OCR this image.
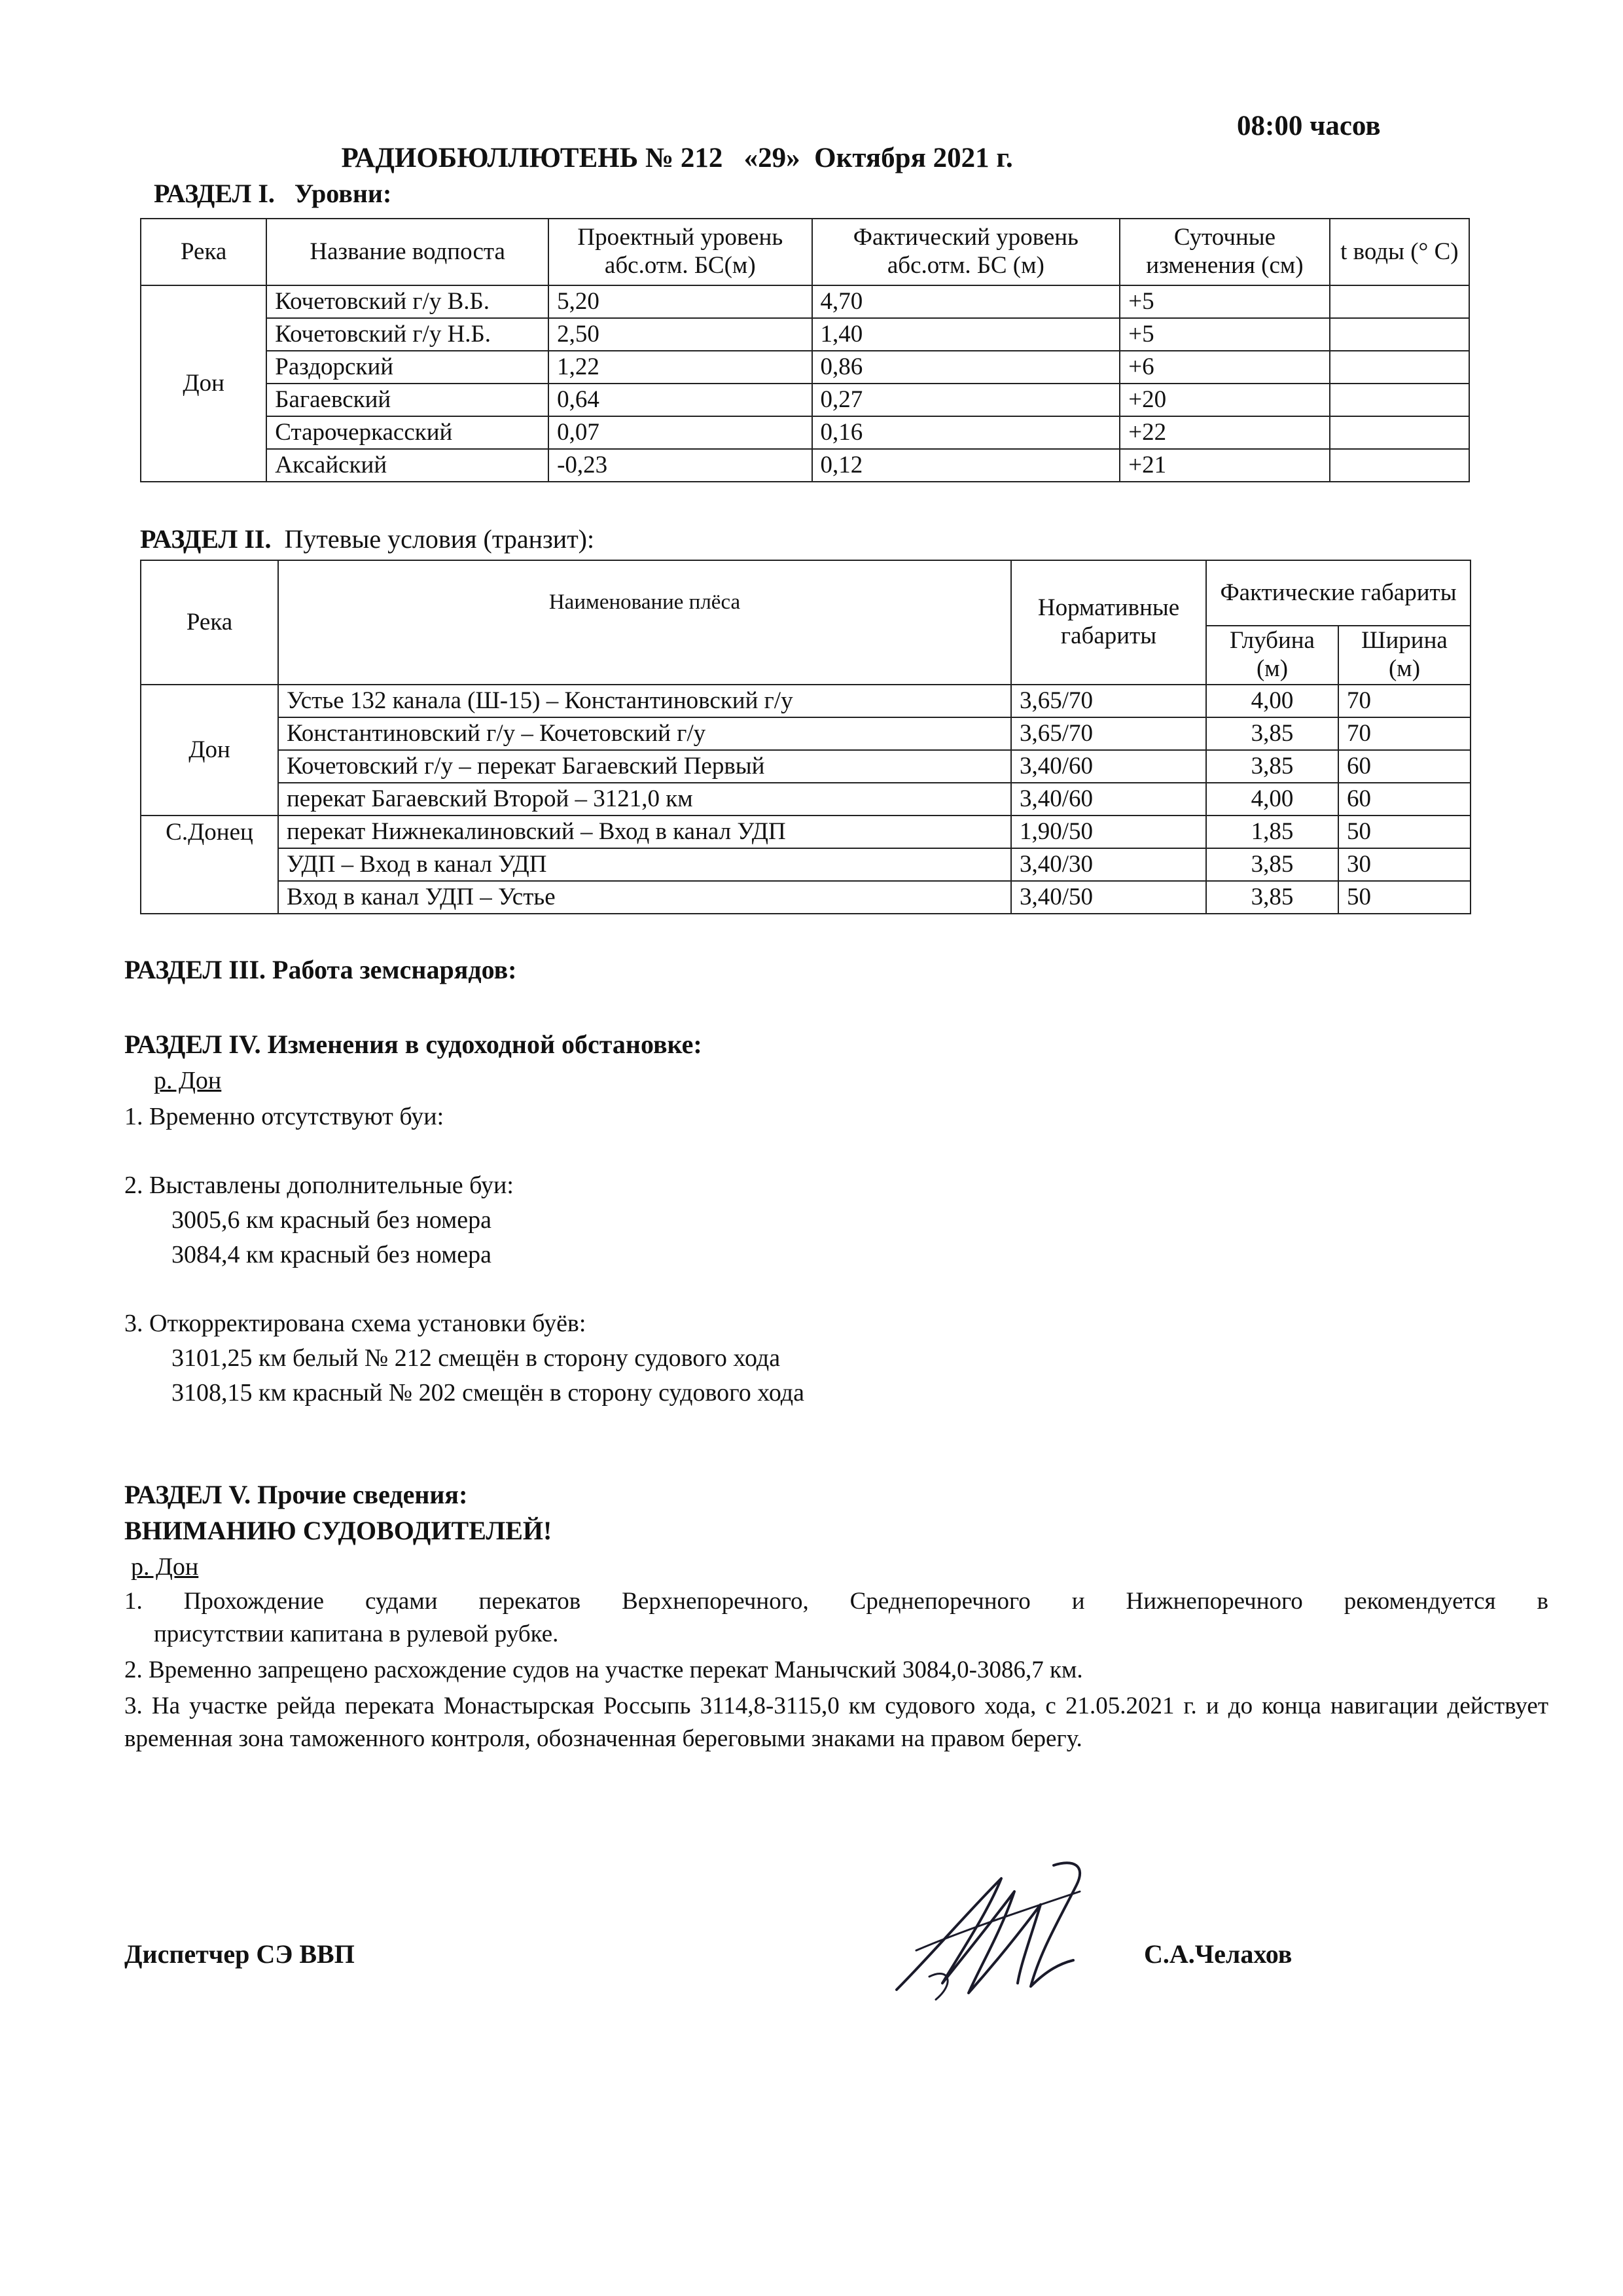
РАДИОБЮЛЛЮТЕНЬ № 212   «29»  Октября 2021 г.

08:00 часов

РАЗДЕЛ I. Уровни:
Река	Название водпоста	Проектный уровень абс.отм. БС(м)	Фактический уровень абс.отм. БС (м)	Суточные изменения (см)	t воды (° С)
Дон	Кочетовский г/у В.Б.	5,20	4,70	+5	
	Кочетовский г/у Н.Б.	2,50	1,40	+5	
	Раздорский	1,22	0,86	+6	
	Багаевский	0,64	0,27	+20	
	Старочеркасский	0,07	0,16	+22	
	Аксайский	-0,23	0,12	+21	
РАЗДЕЛ II. Путевые условия (транзит):
Река	Наименование плёса	Нормативные габариты	Фактические габариты	
			Глубина (м)	Ширина (м)
Дон	Устье 132 канала (Ш-15) – Константиновский г/у	3,65/70	4,00	70
	Константиновский г/у – Кочетовский г/у	3,65/70	3,85	70
	Кочетовский г/у – перекат Багаевский Первый	3,40/60	3,85	60
	перекат Багаевский Второй – 3121,0 км	3,40/60	4,00	60
С.Донец	перекат Нижнекалиновский – Вход в канал УДП	1,90/50	1,85	50
	УДП – Вход в канал УДП	3,40/30	3,85	30
	Вход в канал УДП – Устье	3,40/50	3,85	50
РАЗДЕЛ III. Работа земснарядов:
РАЗДЕЛ IV. Изменения в судоходной обстановке:
р. Дон
1. Временно отсутствуют буи:
2. Выставлены дополнительные буи:
3005,6 км красный без номера
3084,4 км красный без номера
3. Откорректирована схема установки буёв:
3101,25 км белый № 212 смещён в сторону судового хода
3108,15 км красный № 202 смещён в сторону судового хода
РАЗДЕЛ V. Прочие сведения:
ВНИМАНИЮ СУДОВОДИТЕЛЕЙ!
р. Дон
1. Прохождение судами перекатов Верхнепоречного, Среднепоречного и Нижнепоречного рекомендуется в
присутствии капитана в рулевой рубке.
2. Временно запрещено расхождение судов на участке перекат Манычский 3084,0-3086,7 км.
3. На участке рейда переката Монастырская Россыпь 3114,8-3115,0 км судового хода, с 21.05.2021 г. и до конца навигации действует временная зона таможенного контроля, обозначенная береговыми знаками на правом берегу.
Диспетчер СЭ ВВП	С.А.Челахов
